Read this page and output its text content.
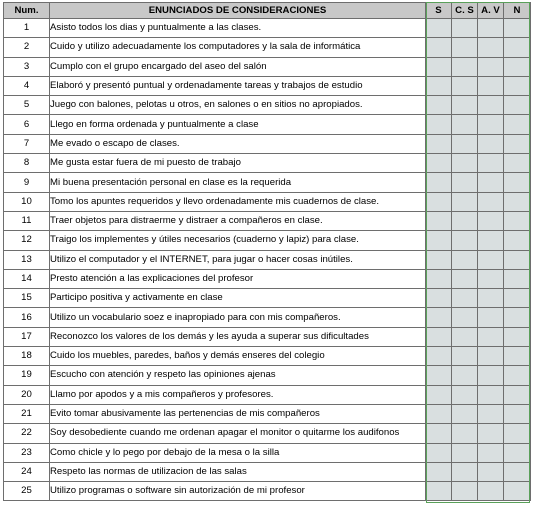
Num.	ENUNCIADOS DE CONSIDERACIONES	S	C. S	A. V	N
1	Asisto todos los dias y puntualmente a las clases.				
2	Cuido y utilizo adecuadamente los computadores y la sala de informática				
3	Cumplo con el grupo encargado del aseo del salón				
4	Elaboró y presentó puntual y ordenadamente tareas y trabajos de estudio				
5	Juego con balones, pelotas u otros, en salones o en sitios no apropiados.				
6	Llego en forma ordenada y puntualmente a clase				
7	Me evado o escapo de clases.				
8	Me gusta estar fuera de mi puesto de trabajo				
9	Mi buena presentación personal en clase es la requerida				
10	Tomo los apuntes requeridos y llevo ordenadamente mis cuadernos de clase.				
11	Traer objetos para distraerme y distraer a compañeros en clase.				
12	Traigo los implementes y útiles necesarios (cuaderno y lapiz) para clase.				
13	Utilizo el computador y el INTERNET, para jugar o hacer cosas inútiles.				
14	Presto atención a las explicaciones del profesor				
15	Participo positiva y activamente en clase				
16	Utilizo un vocabulario soez e inapropiado para con mis compañeros.				
17	Reconozco los valores de los demás y les ayuda a superar sus dificultades				
18	Cuido los muebles, paredes, baños y demás enseres del colegio				
19	Escucho con atención y respeto las opiniones ajenas				
20	Llamo por apodos y a mis compañeros y profesores.				
21	Evito tomar abusivamente las pertenencias de mis compañeros				
22	Soy desobediente cuando me ordenan apagar el monitor o quitarme los audifonos				
23	Como chicle y lo pego por debajo de la mesa o la silla				
24	Respeto las normas de utilizacion de las salas				
25	Utilizo programas o software sin autorización de mi profesor				
